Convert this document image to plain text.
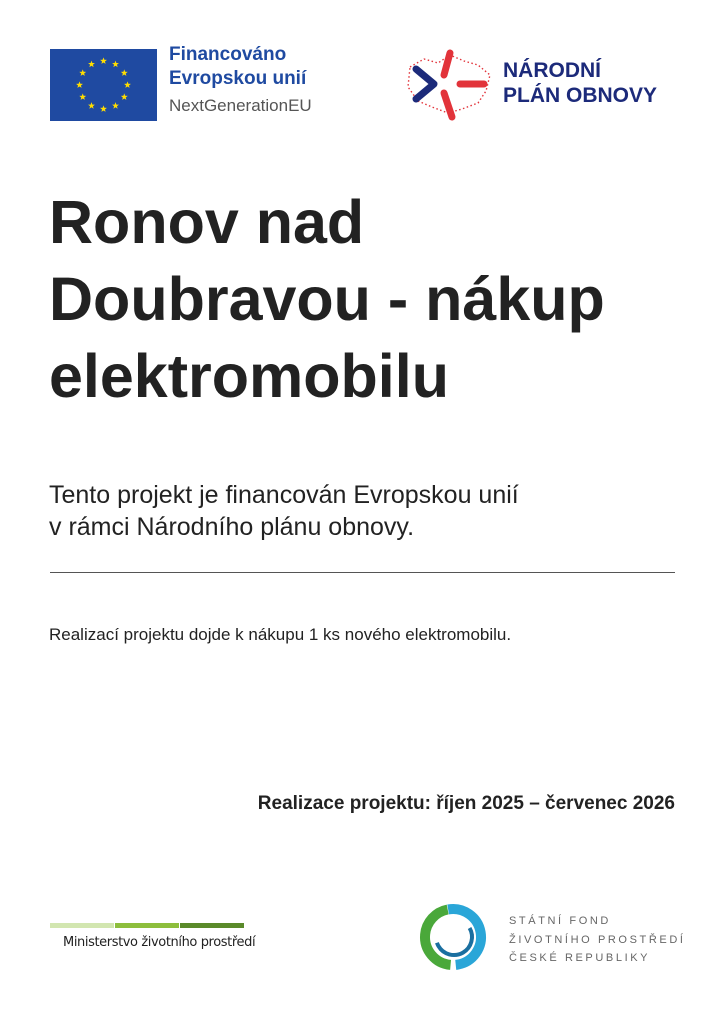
Financováno
Evropskou unií
NextGenerationEU
NÁRODNÍ
PLÁN OBNOVY
Ronov nad Doubravou - nákup elektromobilu
Tento projekt je financován Evropskou unií
v rámci Národního plánu obnovy.
Realizací projektu dojde k nákupu 1 ks nového elektromobilu.
Realizace projektu: říjen 2025 – červenec 2026
Ministerstvo životního prostředí
STÁTNÍ FOND
ŽIVOTNÍHO PROSTŘEDÍ
ČESKÉ REPUBLIKY
